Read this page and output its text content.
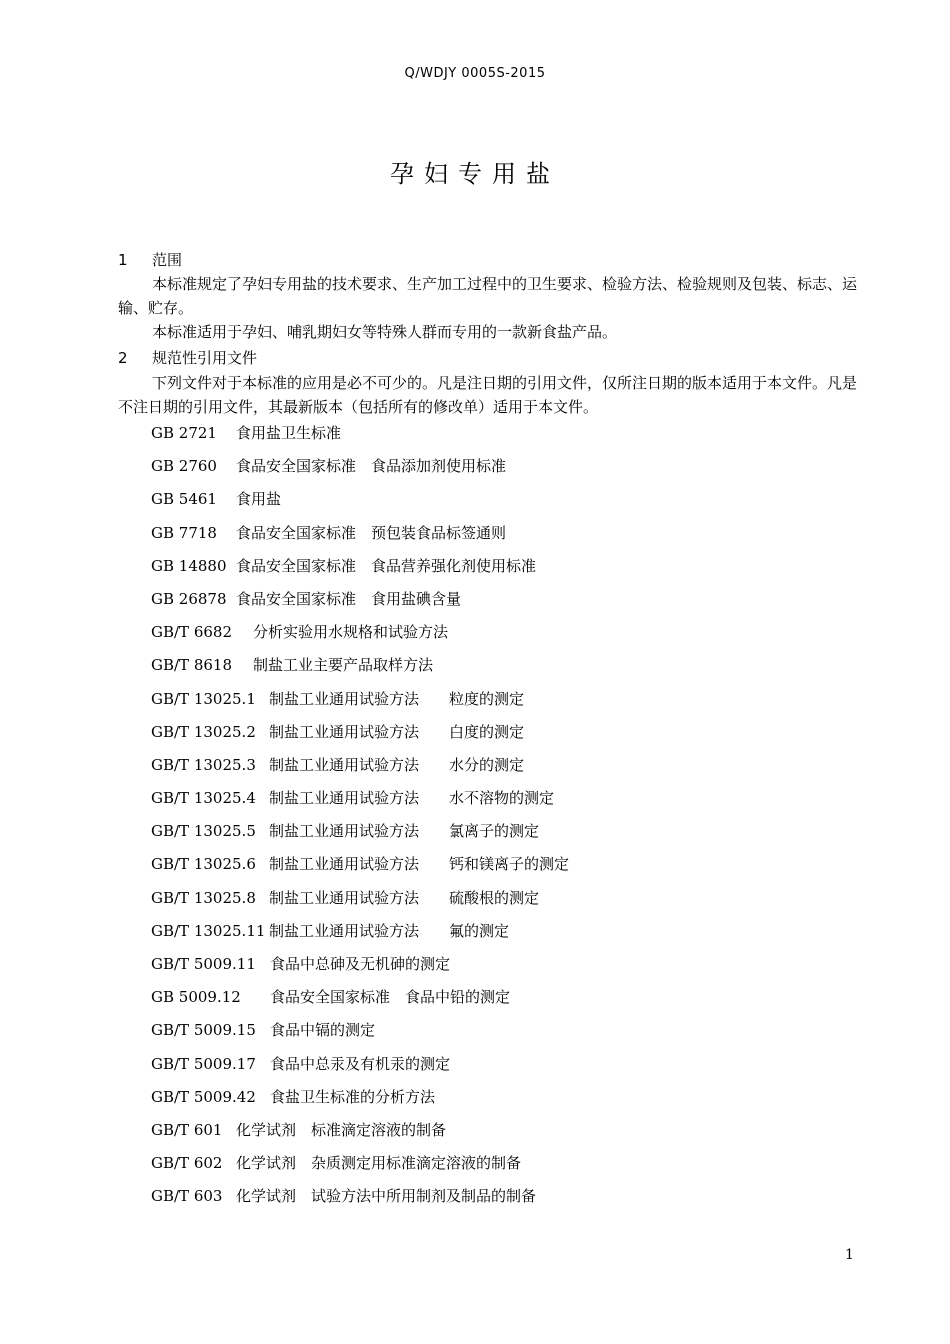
Q/WDJY 0005S-2015
孕妇专用盐
1 范围
本标准规定了孕妇专用盐的技术要求、生产加工过程中的卫生要求、检验方法、检验规则及包装、标志、运输、贮存。
本标准适用于孕妇、哺乳期妇女等特殊人群而专用的一款新食盐产品。
2 规范性引用文件
下列文件对于本标准的应用是必不可少的。凡是注日期的引用文件，仅所注日期的版本适用于本文件。凡是不注日期的引用文件，其最新版本（包括所有的修改单）适用于本文件。
GB 2721 食用盐卫生标准
GB 2760 食品安全国家标准　食品添加剂使用标准
GB 5461 食用盐
GB 7718 食品安全国家标准　预包装食品标签通则
GB 14880 食品安全国家标准　食品营养强化剂使用标准
GB 26878 食品安全国家标准　食用盐碘含量
GB/T 6682 分析实验用水规格和试验方法
GB/T 8618 制盐工业主要产品取样方法
GB/T 13025.1 制盐工业通用试验方法　　粒度的测定
GB/T 13025.2 制盐工业通用试验方法　　白度的测定
GB/T 13025.3 制盐工业通用试验方法　　水分的测定
GB/T 13025.4 制盐工业通用试验方法　　水不溶物的测定
GB/T 13025.5 制盐工业通用试验方法　　氯离子的测定
GB/T 13025.6 制盐工业通用试验方法　　钙和镁离子的测定
GB/T 13025.8 制盐工业通用试验方法　　硫酸根的测定
GB/T 13025.11 制盐工业通用试验方法　　氟的测定
GB/T 5009.11 食品中总砷及无机砷的测定
GB 5009.12 食品安全国家标准　食品中铅的测定
GB/T 5009.15 食品中镉的测定
GB/T 5009.17 食品中总汞及有机汞的测定
GB/T 5009.42 食盐卫生标准的分析方法
GB/T 601 化学试剂　标准滴定溶液的制备
GB/T 602 化学试剂　杂质测定用标准滴定溶液的制备
GB/T 603 化学试剂　试验方法中所用制剂及制品的制备
1
